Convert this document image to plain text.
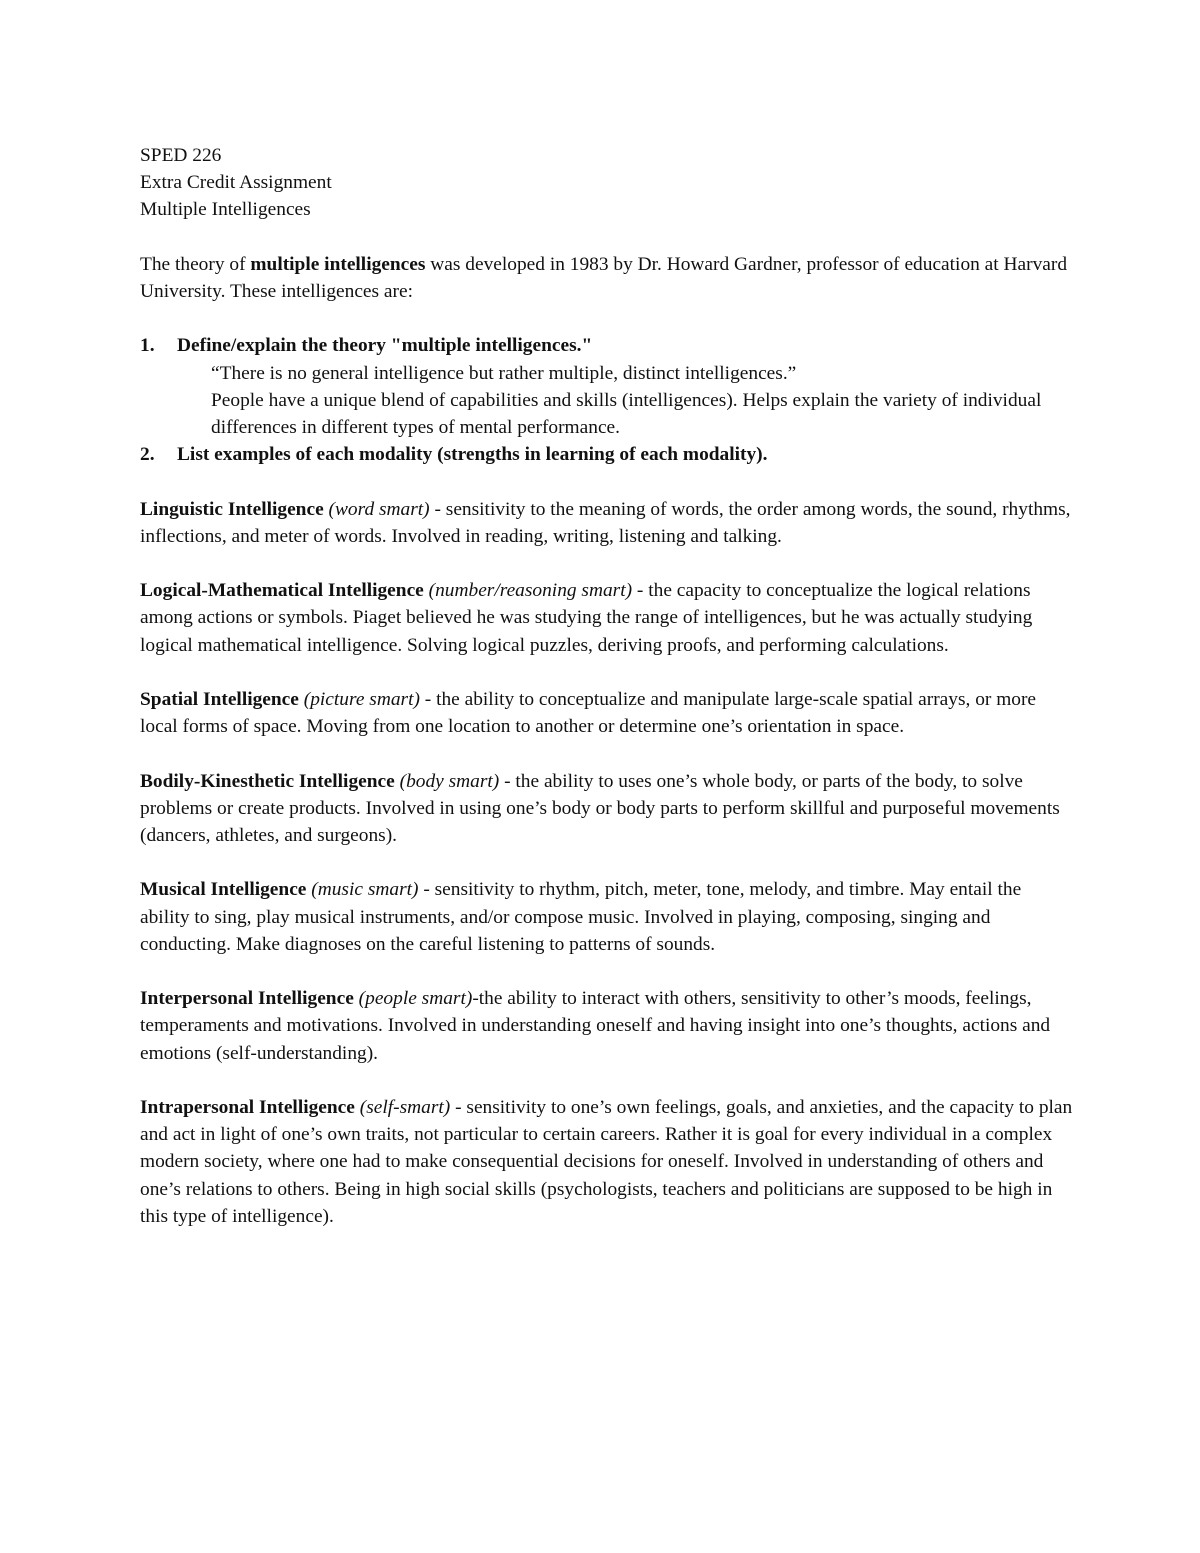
SPED 226

Extra Credit Assignment

Multiple Intelligences

The theory of multiple intelligences was developed in 1983 by Dr. Howard Gardner, professor of education at Harvard University. These intelligences are:

1. Define/explain the theory "multiple intelligences."
“There is no general intelligence but rather multiple, distinct intelligences.”
People have a unique blend of capabilities and skills (intelligences). Helps explain the variety of individual differences in different types of mental performance.
2. List examples of each modality (strengths in learning of each modality).

Linguistic Intelligence (word smart) - sensitivity to the meaning of words, the order among words, the sound, rhythms, inflections, and meter of words. Involved in reading, writing, listening and talking.

Logical-Mathematical Intelligence (number/reasoning smart) - the capacity to conceptualize the logical relations among actions or symbols. Piaget believed he was studying the range of intelligences, but he was actually studying logical mathematical intelligence. Solving logical puzzles, deriving proofs, and performing calculations.

Spatial Intelligence (picture smart) - the ability to conceptualize and manipulate large-scale spatial arrays, or more local forms of space. Moving from one location to another or determine one’s orientation in space.

Bodily-Kinesthetic Intelligence (body smart) - the ability to uses one’s whole body, or parts of the body, to solve problems or create products. Involved in using one’s body or body parts to perform skillful and purposeful movements (dancers, athletes, and surgeons).

Musical Intelligence (music smart) - sensitivity to rhythm, pitch, meter, tone, melody, and timbre. May entail the ability to sing, play musical instruments, and/or compose music. Involved in playing, composing, singing and conducting. Make diagnoses on the careful listening to patterns of sounds.

Interpersonal Intelligence (people smart)-the ability to interact with others, sensitivity to other’s moods, feelings, temperaments and motivations. Involved in understanding oneself and having insight into one’s thoughts, actions and emotions (self-understanding).

Intrapersonal Intelligence (self-smart) - sensitivity to one’s own feelings, goals, and anxieties, and the capacity to plan and act in light of one’s own traits, not particular to certain careers. Rather it is goal for every individual in a complex modern society, where one had to make consequential decisions for oneself. Involved in understanding of others and one’s relations to others. Being in high social skills (psychologists, teachers and politicians are supposed to be high in this type of intelligence).
